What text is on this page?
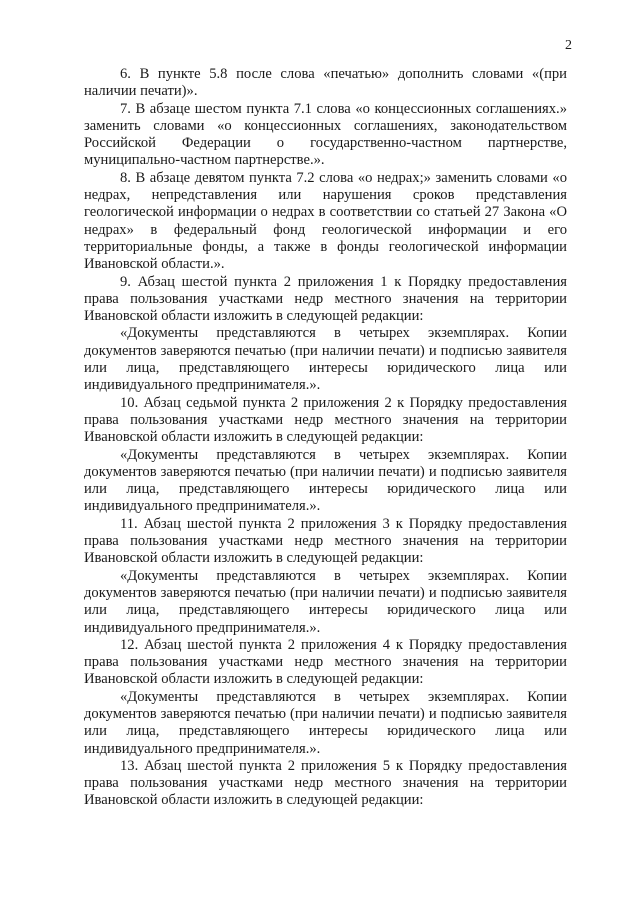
2

6. В пункте 5.8 после слова «печатью» дополнить словами «(при наличии печати)».

7. В абзаце шестом пункта 7.1 слова «о концессионных соглашениях.» заменить словами «о концессионных соглашениях, законодательством Российской Федерации о государственно-частном партнерстве, муниципально-частном партнерстве.».

8. В абзаце девятом пункта 7.2 слова «о недрах;» заменить словами «о недрах, непредставления или нарушения сроков представления геологической информации о недрах в соответствии со статьей 27 Закона «О недрах» в федеральный фонд геологической информации и его территориальные фонды, а также в фонды геологической информации Ивановской области.».

9. Абзац шестой пункта 2 приложения 1 к Порядку предоставления права пользования участками недр местного значения на территории Ивановской области изложить в следующей редакции:

«Документы представляются в четырех экземплярах. Копии документов заверяются печатью (при наличии печати) и подписью заявителя или лица, представляющего интересы юридического лица или индивидуального предпринимателя.».

10. Абзац седьмой пункта 2 приложения 2 к Порядку предоставления права пользования участками недр местного значения на территории Ивановской области изложить в следующей редакции:

«Документы представляются в четырех экземплярах. Копии документов заверяются печатью (при наличии печати) и подписью заявителя или лица, представляющего интересы юридического лица или индивидуального предпринимателя.».

11. Абзац шестой пункта 2 приложения 3 к Порядку предоставления права пользования участками недр местного значения на территории Ивановской области изложить в следующей редакции:

«Документы представляются в четырех экземплярах. Копии документов заверяются печатью (при наличии печати) и подписью заявителя или лица, представляющего интересы юридического лица или индивидуального предпринимателя.».

12. Абзац шестой пункта 2 приложения 4 к Порядку предоставления права пользования участками недр местного значения на территории Ивановской области изложить в следующей редакции:

«Документы представляются в четырех экземплярах. Копии документов заверяются печатью (при наличии печати) и подписью заявителя или лица, представляющего интересы юридического лица или индивидуального предпринимателя.».

13. Абзац шестой пункта 2 приложения 5 к Порядку предоставления права пользования участками недр местного значения на территории Ивановской области изложить в следующей редакции:
